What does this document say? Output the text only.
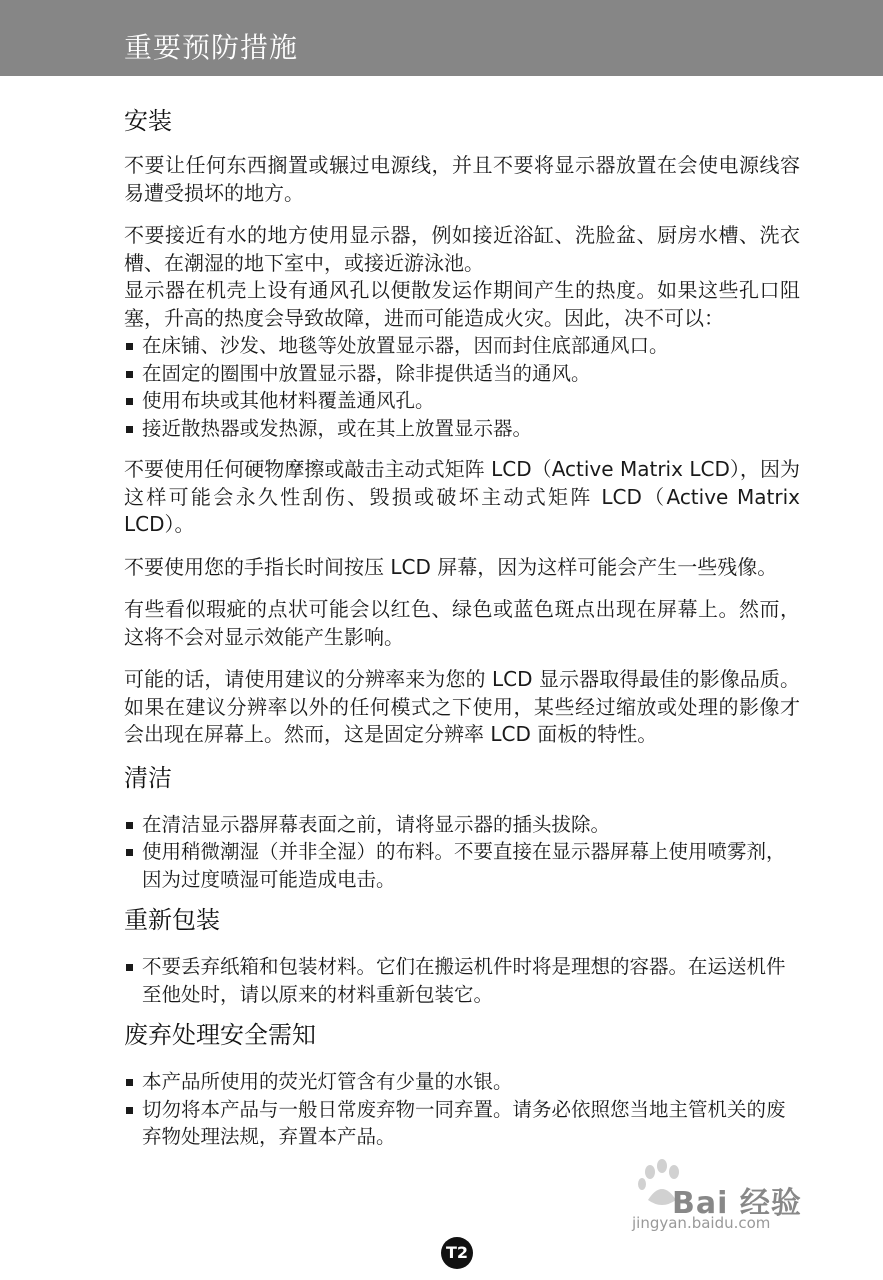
重要预防措施
安装

不要让任何东西搁置或辗过电源线，并且不要将显示器放置在会使电源线容易遭受损坏的地方。

不要接近有水的地方使用显示器，例如接近浴缸、洗脸盆、厨房水槽、洗衣槽、在潮湿的地下室中，或接近游泳池。

显示器在机壳上设有通风孔以便散发运作期间产生的热度。如果这些孔口阻塞，升高的热度会导致故障，进而可能造成火灾。因此，决不可以：

在床铺、沙发、地毯等处放置显示器，因而封住底部通风口。
在固定的圈围中放置显示器，除非提供适当的通风。
使用布块或其他材料覆盖通风孔。
接近散热器或发热源，或在其上放置显示器。

不要使用任何硬物摩擦或敲击主动式矩阵 LCD（Active Matrix LCD），因为这样可能会永久性刮伤、毁损或破坏主动式矩阵 LCD（Active Matrix LCD）。

不要使用您的手指长时间按压 LCD 屏幕，因为这样可能会产生一些残像。

有些看似瑕疵的点状可能会以红色、绿色或蓝色斑点出现在屏幕上。然而，这将不会对显示效能产生影响。

可能的话，请使用建议的分辨率来为您的 LCD 显示器取得最佳的影像品质。如果在建议分辨率以外的任何模式之下使用，某些经过缩放或处理的影像才会出现在屏幕上。然而，这是固定分辨率 LCD 面板的特性。

清洁
在清洁显示器屏幕表面之前，请将显示器的插头拔除。
使用稍微潮湿（并非全湿）的布料。不要直接在显示器屏幕上使用喷雾剂，因为过度喷湿可能造成电击。
重新包装
不要丢弃纸箱和包装材料。它们在搬运机件时将是理想的容器。在运送机件至他处时，请以原来的材料重新包装它。
废弃处理安全需知
本产品所使用的荧光灯管含有少量的水银。
切勿将本产品与一般日常废弃物一同弃置。请务必依照您当地主管机关的废弃物处理法规，弃置本产品。
Bai 经验
jingyan.baidu.com
T2
